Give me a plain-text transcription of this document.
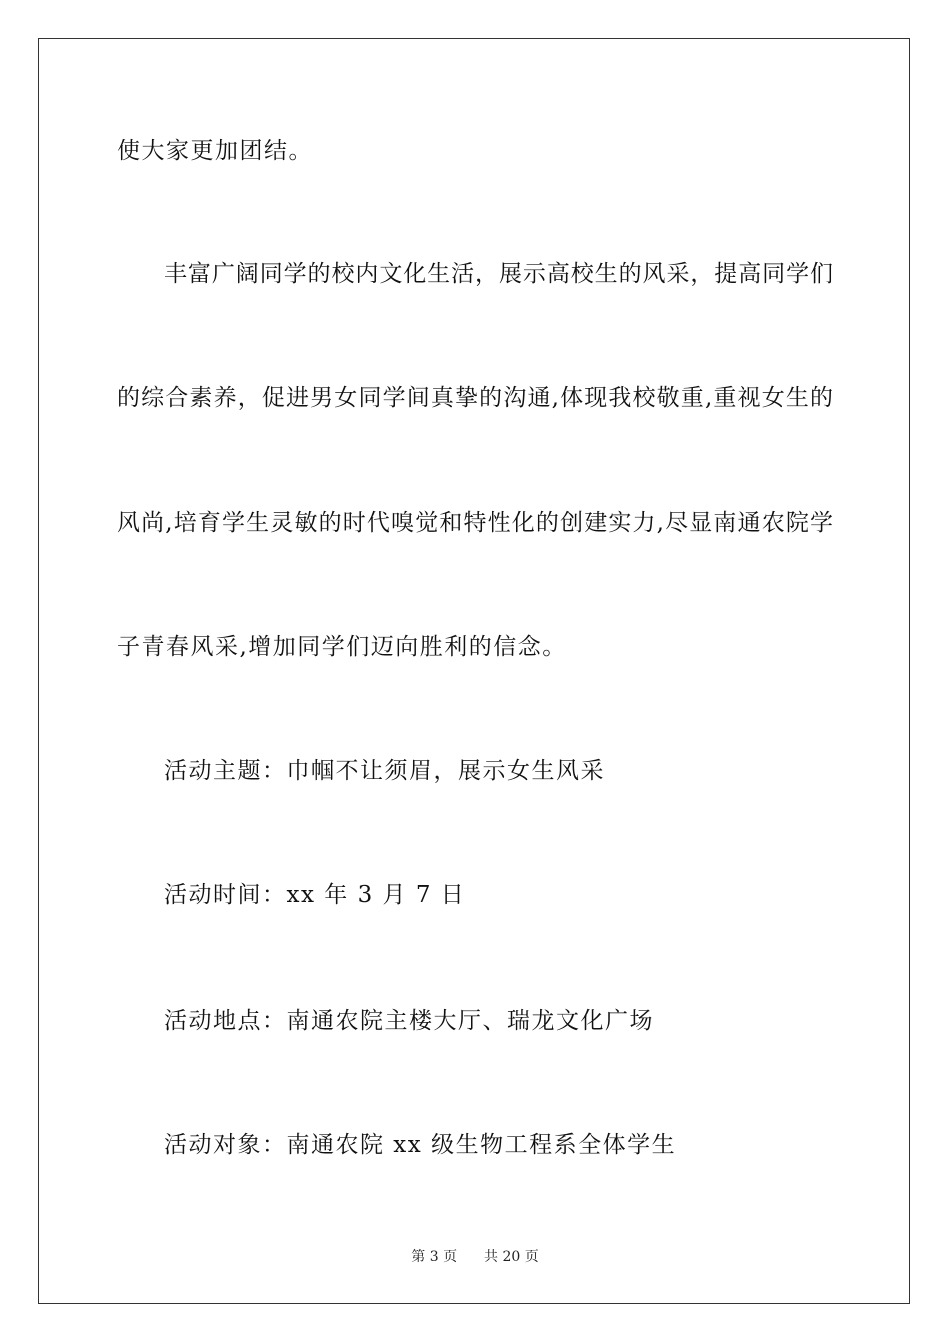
使大家更加团结。
丰富广阔同学的校内文化生活，展示高校生的风采，提高同学们
的综合素养，促进男女同学间真挚的沟通,体现我校敬重,重视女生的
风尚,培育学生灵敏的时代嗅觉和特性化的创建实力,尽显南通农院学
子青春风采,增加同学们迈向胜利的信念。
活动主题：巾帼不让须眉，展示女生风采
活动时间：xx 年 3 月 7 日
活动地点：南通农院主楼大厅、瑞龙文化广场
活动对象：南通农院 xx 级生物工程系全体学生
第 3 页 共 20 页
